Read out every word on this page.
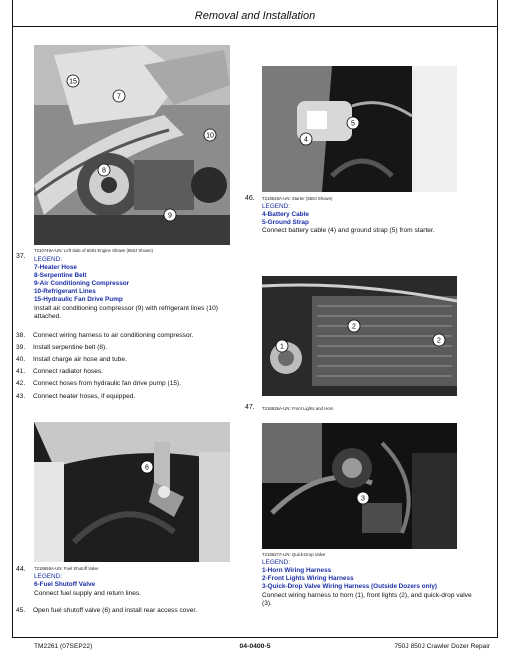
Removal and Installation
T210749A-UN: Left Side of 6081 Engine Shown (550J Shown)
15
7
10
8
9
37. LEGEND:
7-Heater Hose
8-Serpentine Belt
9-Air Conditioning Compressor
10-Refrigerant Lines
15-Hydraulic Fan Drive Pump
Install air conditioning compressor (9) with refrigerant lines (10) attached.
38. Connect wiring harness to air conditioning compressor.
39. Install serpentine belt (8).
40. Install charge air hose and tube.
41. Connect radiator hoses.
42. Connect hoses from hydraulic fan drive pump (15).
43. Connect heater hoses, if equipped.
6
T218659A-UN: Fuel Shutoff Valve
44.
LEGEND:
6-Fuel Shutoff Valve
Connect fuel supply and return lines.
45. Open fuel shutoff valve (6) and install rear access cover.
4
5
46. T218648A-UN: Starter (550J Shown)
LEGEND:
4-Battery Cable
5-Ground Strap
Connect battery cable (4) and ground strap (5) from starter.
2
1
2
47. T218636A-UN: Front Lights and Horn
3
T218637A-UN: Quick-Drop Valve
LEGEND:
1-Horn Wiring Harness
2-Front Lights Wiring Harness
3-Quick-Drop Valve Wiring Harness (Outside Dozers only)
Connect wiring harness to horn (1), front lights (2), and quick-drop valve (3).
TM2261 (07SEP22)	04-0400-5	750J 850J Crawler Dozer Repair
